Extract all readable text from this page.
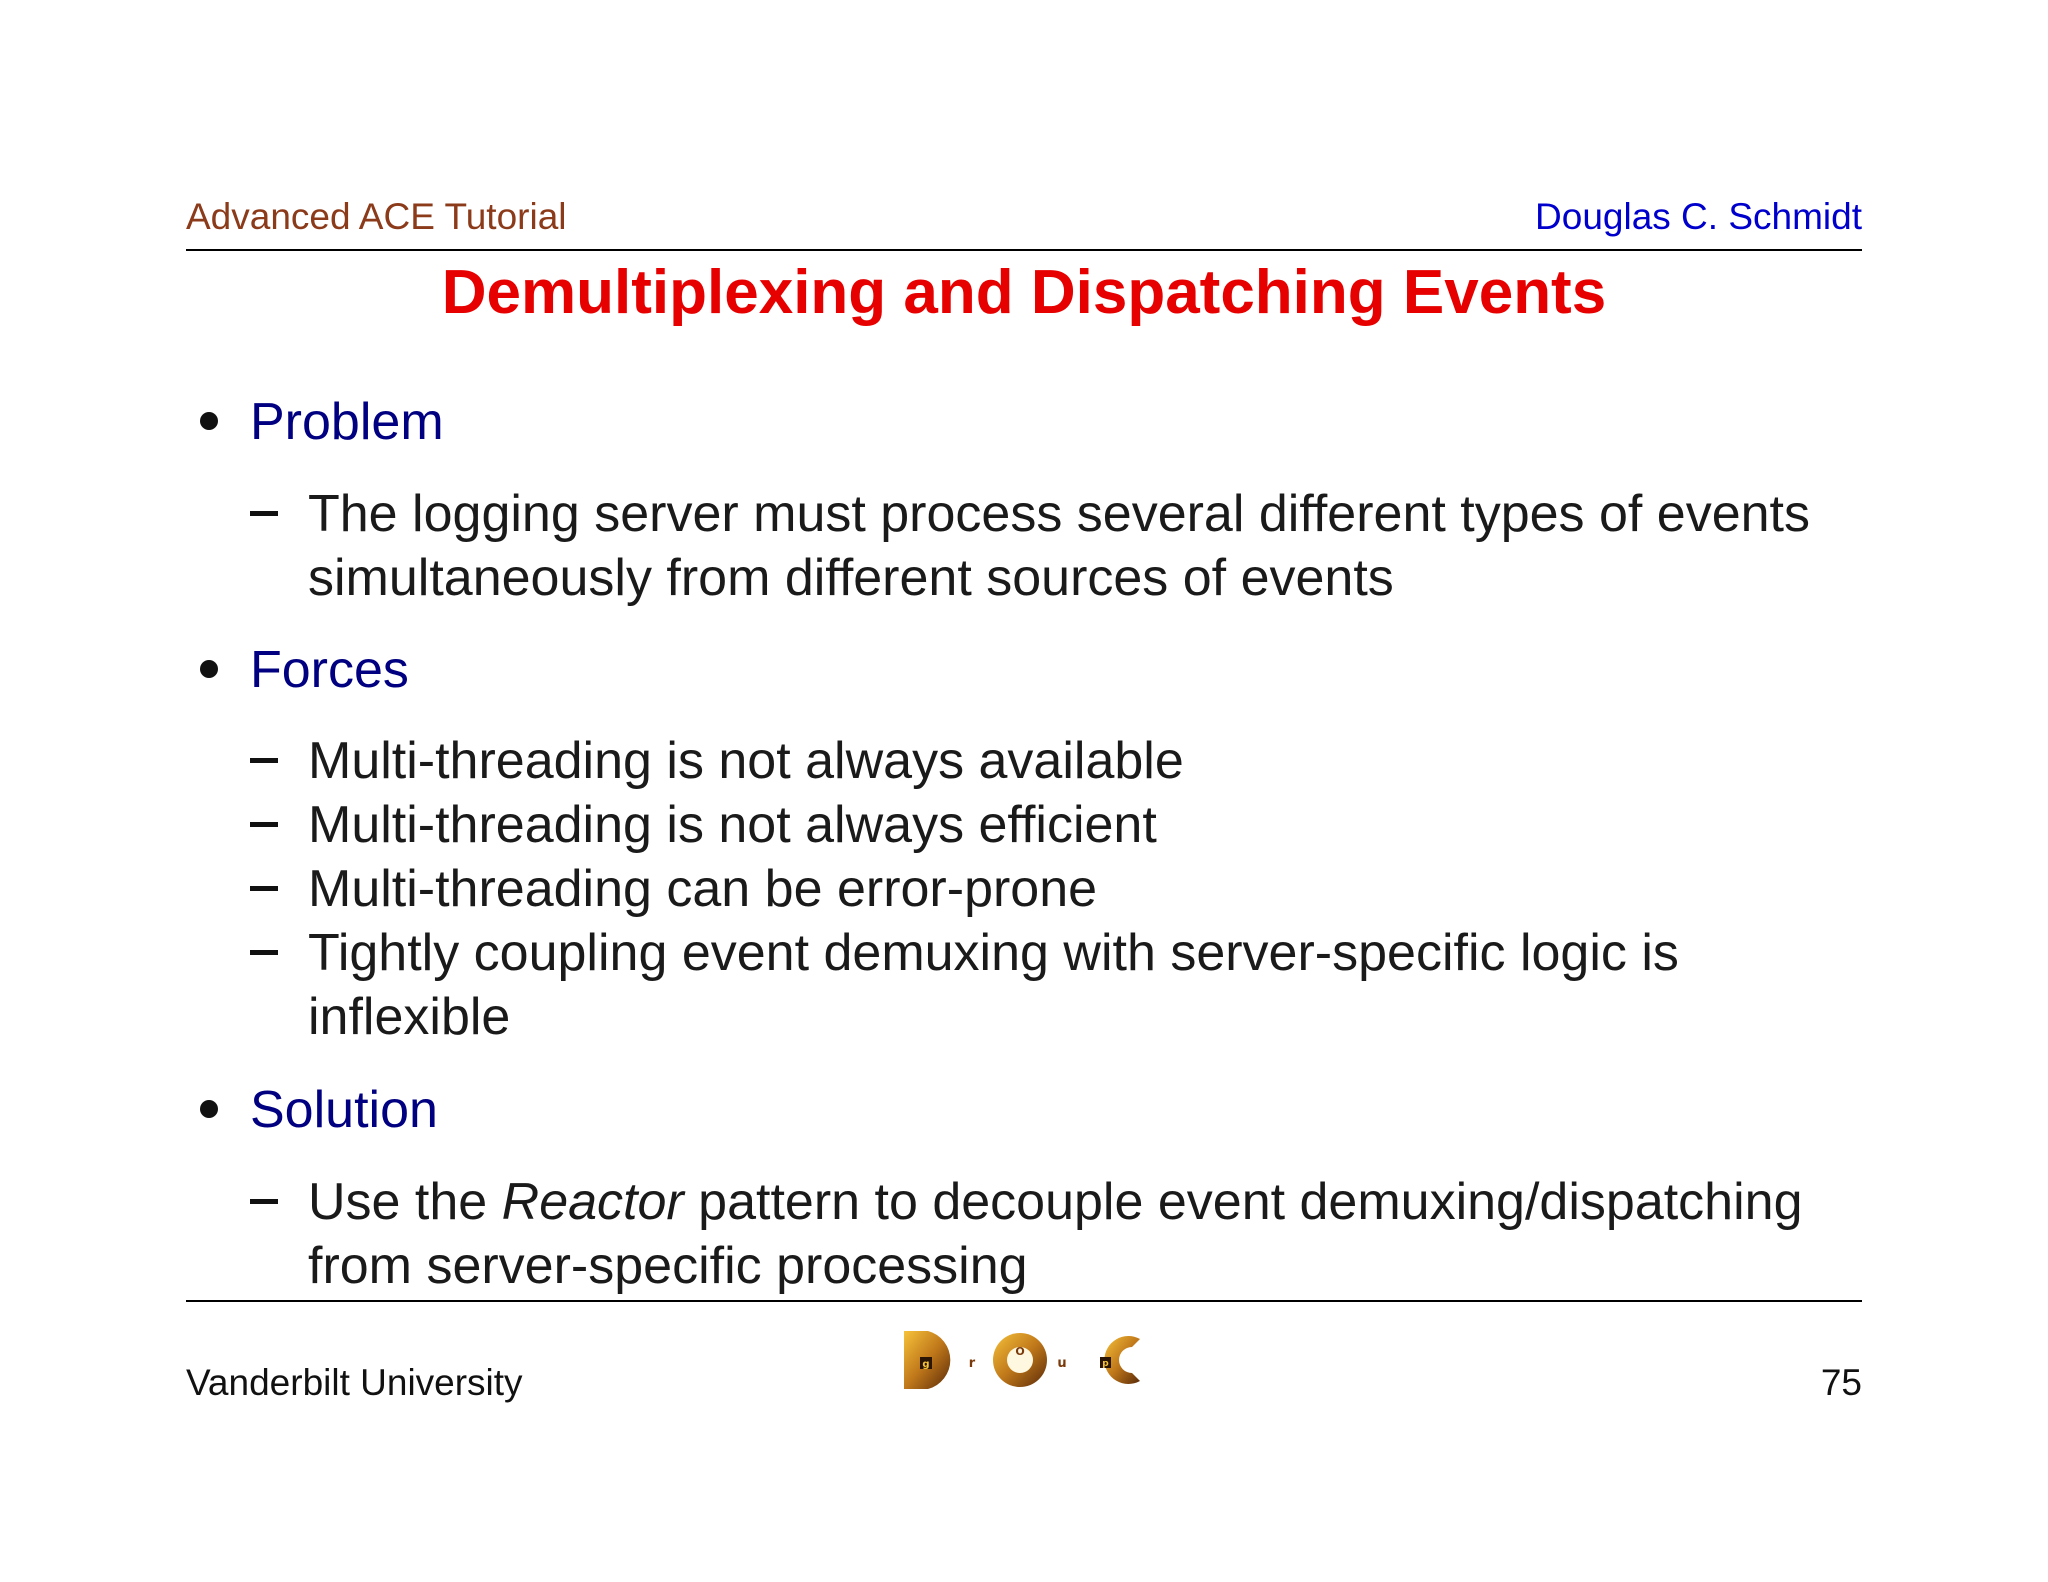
Advanced ACE Tutorial	Douglas C. Schmidt
Demultiplexing and Dispatching Events
Problem
The logging server must process several different types of events
simultaneously from different sources of events
Forces
Multi-threading is not always available
Multi-threading is not always efficient
Multi-threading can be error-prone
Tightly coupling event demuxing with server-specific logic is
inflexible
Solution
Use the Reactor pattern to decouple event demuxing/dispatching
from server-specific processing
Vanderbilt University	75
g	r
O
u	p
